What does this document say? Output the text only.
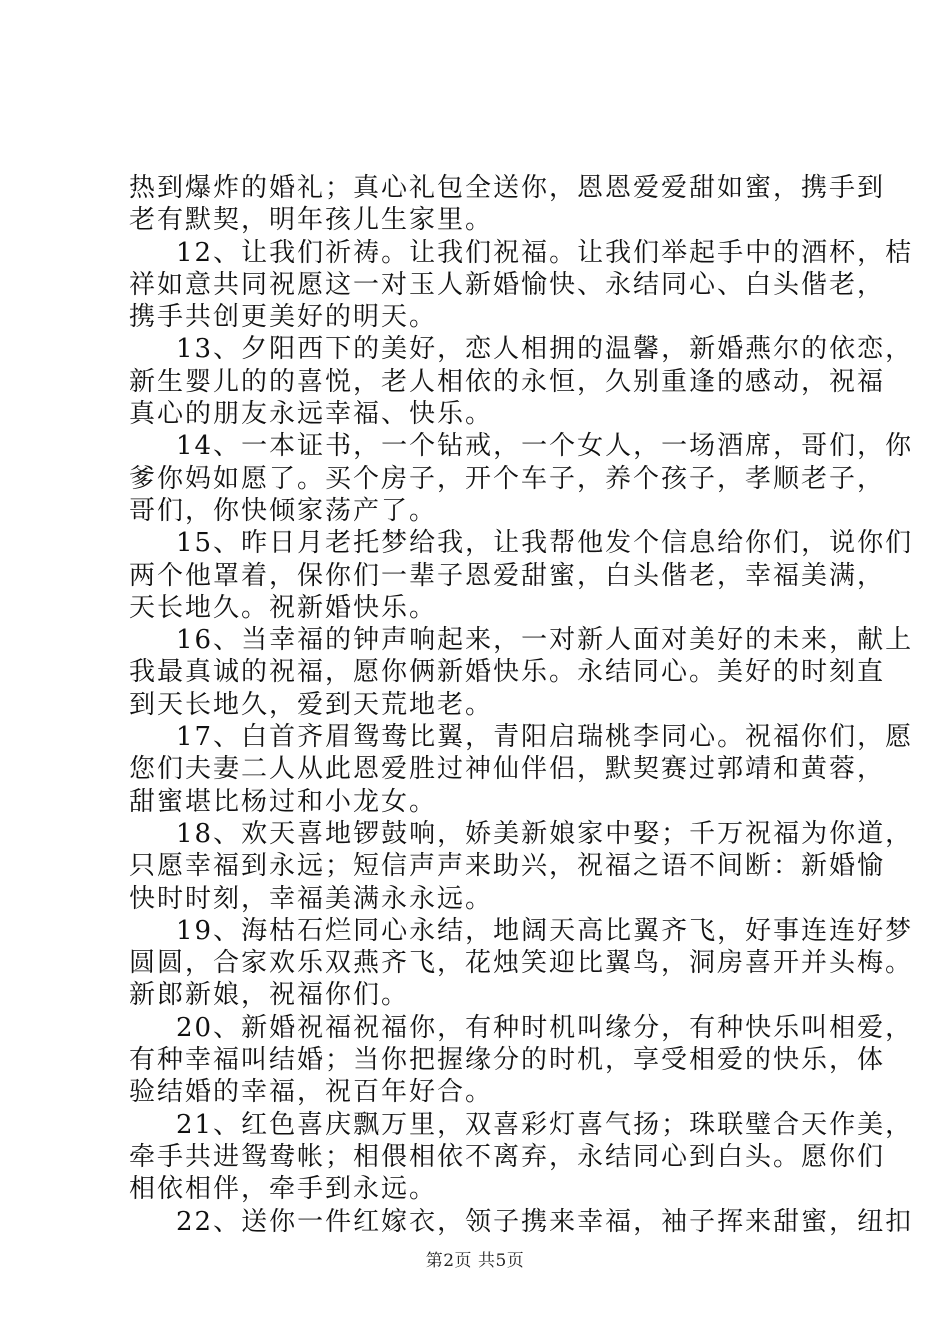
热到爆炸的婚礼；真心礼包全送你，恩恩爱爱甜如蜜，携手到
老有默契，明年孩儿生家里。
12、让我们祈祷。让我们祝福。让我们举起手中的酒杯，桔
祥如意共同祝愿这一对玉人新婚愉快、永结同心、白头偕老，
携手共创更美好的明天。
13、夕阳西下的美好，恋人相拥的温馨，新婚燕尔的依恋，
新生婴儿的的喜悦，老人相依的永恒，久别重逢的感动，祝福
真心的朋友永远幸福、快乐。
14、一本证书，一个钻戒，一个女人，一场酒席，哥们，你
爹你妈如愿了。买个房子，开个车子，养个孩子，孝顺老子，
哥们，你快倾家荡产了。
15、昨日月老托梦给我，让我帮他发个信息给你们，说你们
两个他罩着，保你们一辈子恩爱甜蜜，白头偕老，幸福美满，
天长地久。祝新婚快乐。
16、当幸福的钟声响起来，一对新人面对美好的未来，献上
我最真诚的祝福，愿你俩新婚快乐。永结同心。美好的时刻直
到天长地久，爱到天荒地老。
17、白首齐眉鸳鸯比翼，青阳启瑞桃李同心。祝福你们，愿
您们夫妻二人从此恩爱胜过神仙伴侣，默契赛过郭靖和黄蓉，
甜蜜堪比杨过和小龙女。
18、欢天喜地锣鼓响，娇美新娘家中娶；千万祝福为你道，
只愿幸福到永远；短信声声来助兴，祝福之语不间断：新婚愉
快时时刻，幸福美满永永远。
19、海枯石烂同心永结，地阔天高比翼齐飞，好事连连好梦
圆圆，合家欢乐双燕齐飞，花烛笑迎比翼鸟，洞房喜开并头梅。
新郎新娘，祝福你们。
20、新婚祝福祝福你，有种时机叫缘分，有种快乐叫相爱，
有种幸福叫结婚；当你把握缘分的时机，享受相爱的快乐，体
验结婚的幸福，祝百年好合。
21、红色喜庆飘万里，双喜彩灯喜气扬；珠联璧合天作美，
牵手共进鸳鸯帐；相偎相依不离弃，永结同心到白头。愿你们
相依相伴，牵手到永远。
22、送你一件红嫁衣，领子携来幸福，袖子挥来甜蜜，纽扣
第2页 共5页
